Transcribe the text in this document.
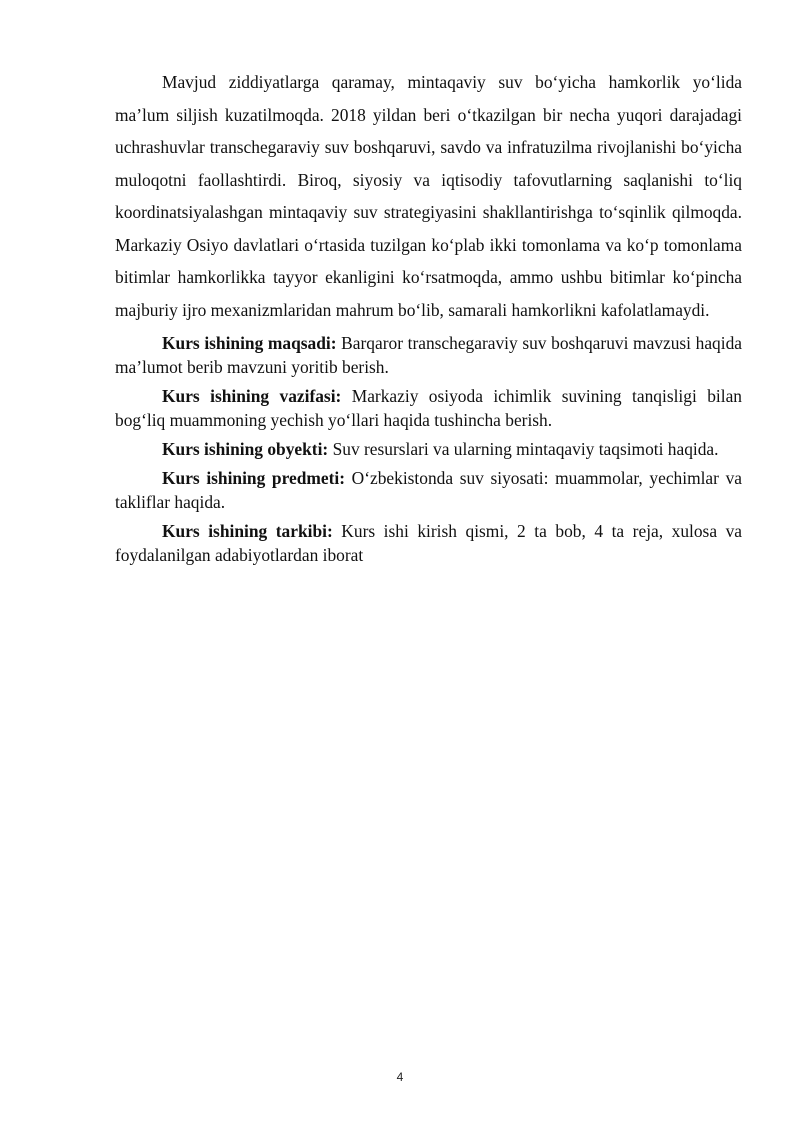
Mavjud ziddiyatlarga qaramay, mintaqaviy suv bo‘yicha hamkorlik yo‘lida ma’lum siljish kuzatilmoqda. 2018 yildan beri o‘tkazilgan bir necha yuqori darajadagi uchrashuvlar transchegaraviy suv boshqaruvi, savdo va infratuzilma rivojlanishi bo‘yicha muloqotni faollashtirdi. Biroq, siyosiy va iqtisodiy tafovutlarning saqlanishi to‘liq koordinatsiyalashgan mintaqaviy suv strategiyasini shakllantirishga to‘sqinlik qilmoqda. Markaziy Osiyo davlatlari o‘rtasida tuzilgan ko‘plab ikki tomonlama va ko‘p tomonlama bitimlar hamkorlikka tayyor ekanligini ko‘rsatmoqda, ammo ushbu bitimlar ko‘pincha majburiy ijro mexanizmlaridan mahrum bo‘lib, samarali hamkorlikni kafolatlamaydi.

Kurs ishining maqsadi: Barqaror transchegaraviy suv boshqaruvi mavzusi haqida ma’lumot berib mavzuni yoritib berish.

Kurs ishining vazifasi: Markaziy osiyoda ichimlik suvining tanqisligi bilan bog‘liq muammoning yechish yo‘llari haqida tushincha berish.

Kurs ishining obyekti: Suv resurslari va ularning mintaqaviy taqsimoti haqida.

Kurs ishining predmeti: O‘zbekistonda suv siyosati: muammolar, yechimlar va takliflar haqida.

Kurs ishining tarkibi: Kurs ishi kirish qismi, 2 ta bob, 4 ta reja, xulosa va foydalanilgan adabiyotlardan iborat

4
